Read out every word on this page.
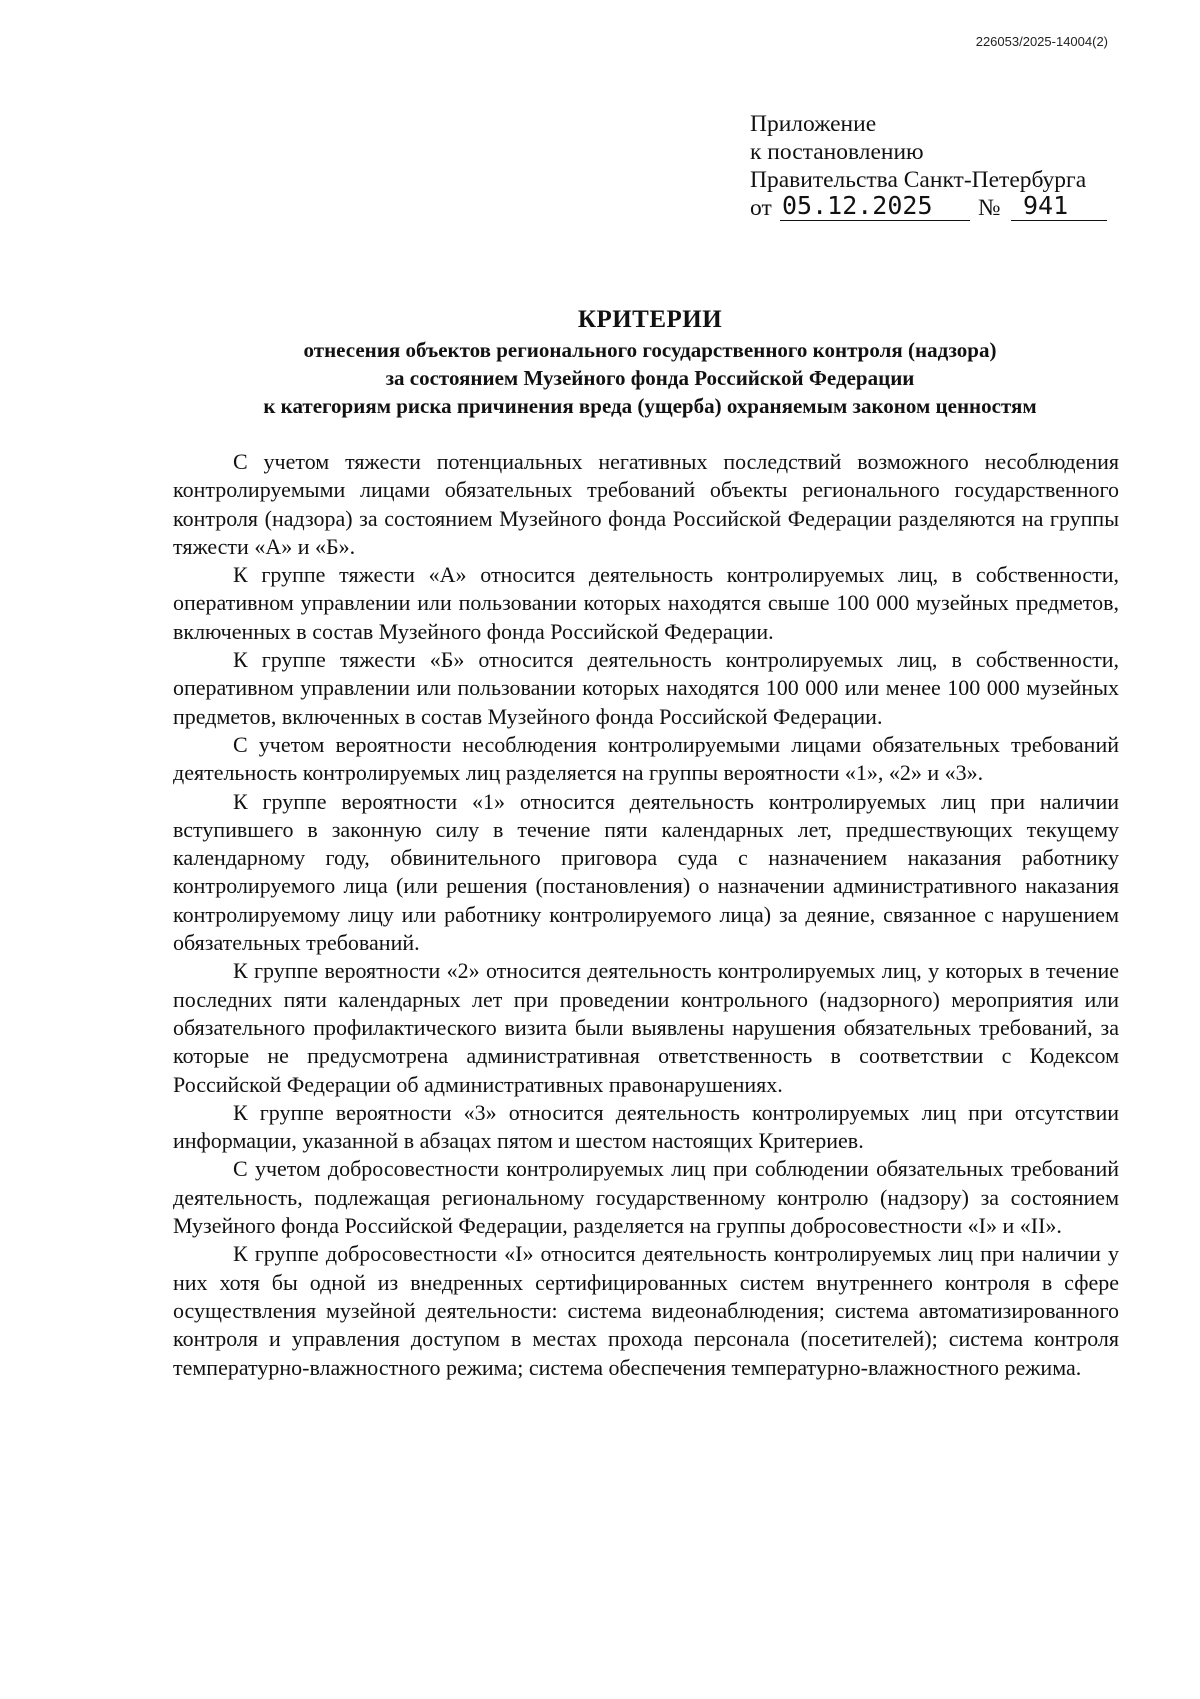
226053/2025-14004(2)
Приложение
к постановлению
Правительства Санкт-Петербурга
от 05.12.2025	№ 941
КРИТЕРИИ
отнесения объектов регионального государственного контроля (надзора)
за состоянием Музейного фонда Российской Федерации
к категориям риска причинения вреда (ущерба) охраняемым законом ценностям

С учетом тяжести потенциальных негативных последствий возможного несоблюдения контролируемыми лицами обязательных требований объекты регионального государственного контроля (надзора) за состоянием Музейного фонда Российской Федерации разделяются на группы тяжести «А» и «Б».

К группе тяжести «А» относится деятельность контролируемых лиц, в собственности, оперативном управлении или пользовании которых находятся свыше 100 000 музейных предметов, включенных в состав Музейного фонда Российской Федерации.

К группе тяжести «Б» относится деятельность контролируемых лиц, в собственности, оперативном управлении или пользовании которых находятся 100 000 или менее 100 000 музейных предметов, включенных в состав Музейного фонда Российской Федерации.

С учетом вероятности несоблюдения контролируемыми лицами обязательных требований деятельность контролируемых лиц разделяется на группы вероятности «1», «2» и «3».

К группе вероятности «1» относится деятельность контролируемых лиц при наличии вступившего в законную силу в течение пяти календарных лет, предшествующих текущему календарному году, обвинительного приговора суда с назначением наказания работнику контролируемого лица (или решения (постановления) о назначении административного наказания контролируемому лицу или работнику контролируемого лица) за деяние, связанное с нарушением обязательных требований.

К группе вероятности «2» относится деятельность контролируемых лиц, у которых в течение последних пяти календарных лет при проведении контрольного (надзорного) мероприятия или обязательного профилактического визита были выявлены нарушения обязательных требований, за которые не предусмотрена административная ответственность в соответствии с Кодексом Российской Федерации об административных правонарушениях.

К группе вероятности «3» относится деятельность контролируемых лиц при отсутствии информации, указанной в абзацах пятом и шестом настоящих Критериев.

С учетом добросовестности контролируемых лиц при соблюдении обязательных требований деятельность, подлежащая региональному государственному контролю (надзору) за состоянием Музейного фонда Российской Федерации, разделяется на группы добросовестности «I» и «II».

К группе добросовестности «I» относится деятельность контролируемых лиц при наличии у них хотя бы одной из внедренных сертифицированных систем внутреннего контроля в сфере осуществления музейной деятельности: система видеонаблюдения; система автоматизированного контроля и управления доступом в местах прохода персонала (посетителей); система контроля температурно-влажностного режима; система обеспечения температурно-влажностного режима.
